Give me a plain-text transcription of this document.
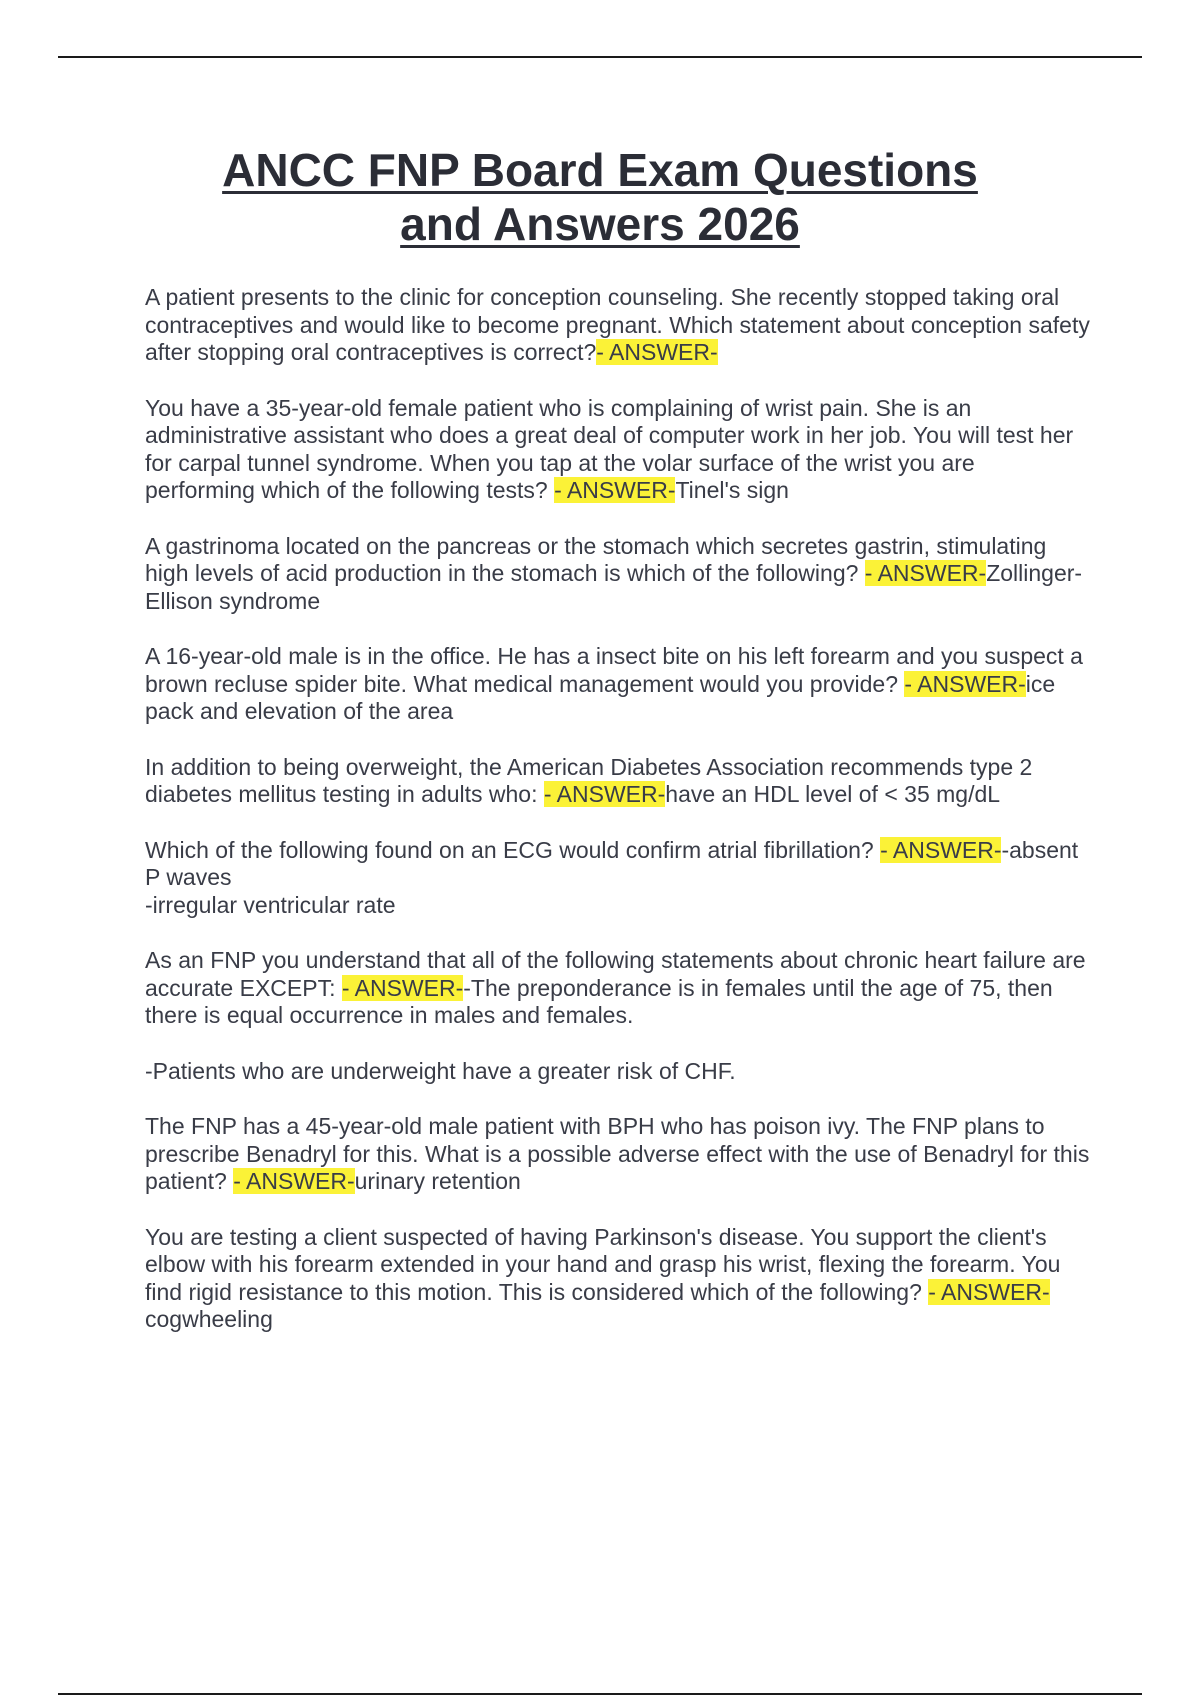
ANCC FNP Board Exam Questions
and Answers 2026

A patient presents to the clinic for conception counseling. She recently stopped taking oral contraceptives and would like to become pregnant. Which statement about conception safety after stopping oral contraceptives is correct?- ANSWER-

You have a 35-year-old female patient who is complaining of wrist pain. She is an administrative assistant who does a great deal of computer work in her job. You will test her for carpal tunnel syndrome. When you tap at the volar surface of the wrist you are performing which of the following tests? - ANSWER-Tinel's sign

A gastrinoma located on the pancreas or the stomach which secretes gastrin, stimulating high levels of acid production in the stomach is which of the following? - ANSWER-Zollinger-Ellison syndrome

A 16-year-old male is in the office. He has a insect bite on his left forearm and you suspect a brown recluse spider bite. What medical management would you provide? - ANSWER-ice pack and elevation of the area

In addition to being overweight, the American Diabetes Association recommends type 2 diabetes mellitus testing in adults who: - ANSWER-have an HDL level of < 35 mg/dL

Which of the following found on an ECG would confirm atrial fibrillation? - ANSWER--absent P waves
-irregular ventricular rate

As an FNP you understand that all of the following statements about chronic heart failure are accurate EXCEPT: - ANSWER--The preponderance is in females until the age of 75, then there is equal occurrence in males and females.

-Patients who are underweight have a greater risk of CHF.

The FNP has a 45-year-old male patient with BPH who has poison ivy. The FNP plans to prescribe Benadryl for this. What is a possible adverse effect with the use of Benadryl for this patient? - ANSWER-urinary retention

You are testing a client suspected of having Parkinson's disease. You support the client's elbow with his forearm extended in your hand and grasp his wrist, flexing the forearm. You find rigid resistance to this motion. This is considered which of the following? - ANSWER-cogwheeling
